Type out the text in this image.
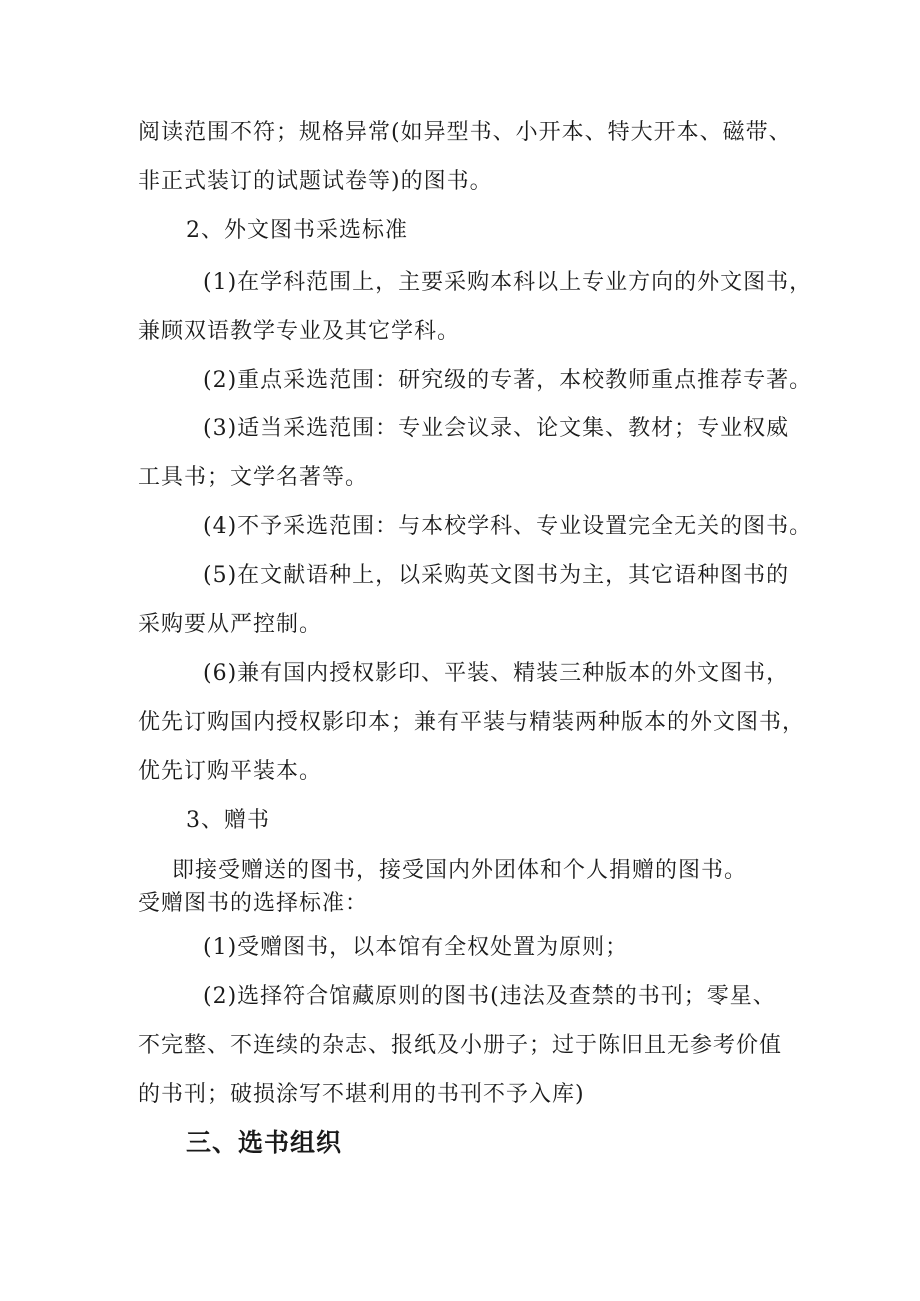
阅读范围不符；规格异常(如异型书、小开本、特大开本、磁带、
非正式装订的试题试卷等)的图书。
2、外文图书采选标准
(1)在学科范围上，主要采购本科以上专业方向的外文图书，
兼顾双语教学专业及其它学科。
(2)重点采选范围：研究级的专著，本校教师重点推荐专著。
(3)适当采选范围：专业会议录、论文集、教材；专业权威
工具书；文学名著等。
(4)不予采选范围：与本校学科、专业设置完全无关的图书。
(5)在文献语种上，以采购英文图书为主，其它语种图书的
采购要从严控制。
(6)兼有国内授权影印、平装、精装三种版本的外文图书，
优先订购国内授权影印本；兼有平装与精装两种版本的外文图书，
优先订购平装本。
3、赠书
即接受赠送的图书，接受国内外团体和个人捐赠的图书。
受赠图书的选择标准：
(1)受赠图书，以本馆有全权处置为原则；
(2)选择符合馆藏原则的图书(违法及查禁的书刊；零星、
不完整、不连续的杂志、报纸及小册子；过于陈旧且无参考价值
的书刊；破损涂写不堪利用的书刊不予入库)
三、选书组织
